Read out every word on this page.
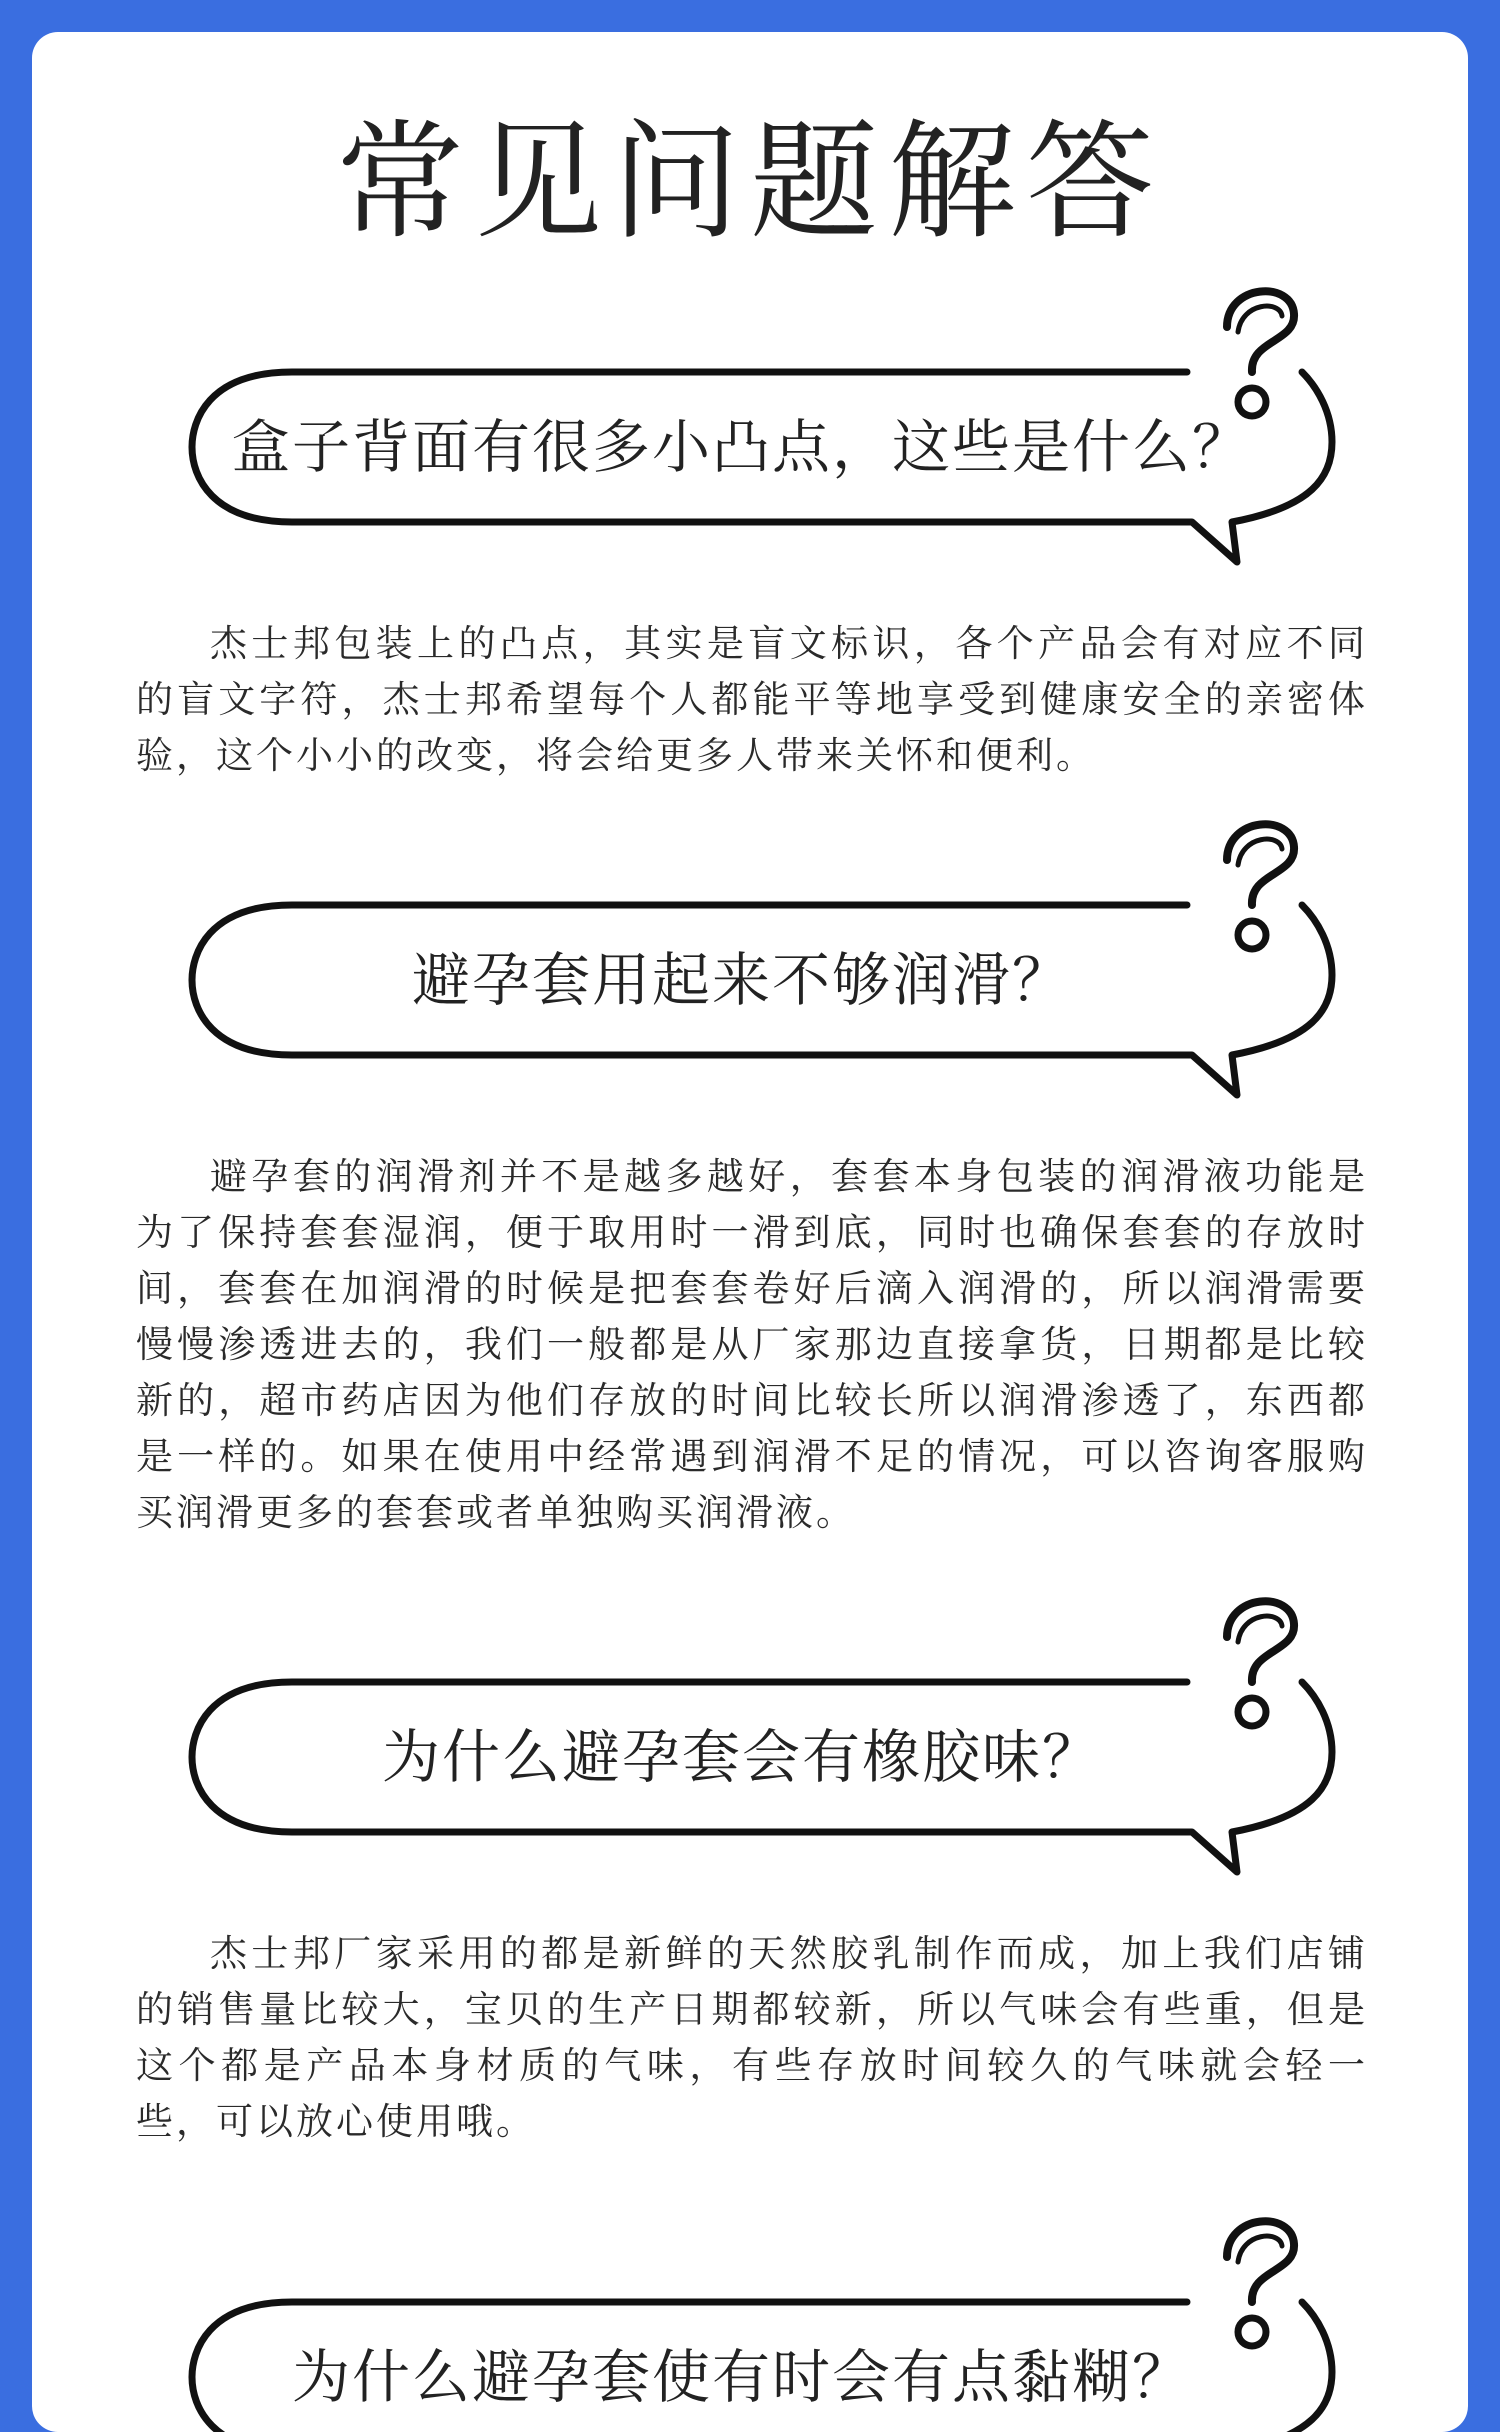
常见问题解答
盒子背面有很多小凸点，这些是什么？

杰士邦包装上的凸点，其实是盲文标识，各个产品会有对应不同的盲文字符，杰士邦希望每个人都能平等地享受到健康安全的亲密体验，这个小小的改变，将会给更多人带来关怀和便利。

避孕套用起来不够润滑？

避孕套的润滑剂并不是越多越好，套套本身包装的润滑液功能是为了保持套套湿润，便于取用时一滑到底，同时也确保套套的存放时间，套套在加润滑的时候是把套套卷好后滴入润滑的，所以润滑需要慢慢渗透进去的，我们一般都是从厂家那边直接拿货，日期都是比较新的，超市药店因为他们存放的时间比较长所以润滑渗透了，东西都是一样的。如果在使用中经常遇到润滑不足的情况，可以咨询客服购买润滑更多的套套或者单独购买润滑液。

为什么避孕套会有橡胶味？

杰士邦厂家采用的都是新鲜的天然胶乳制作而成，加上我们店铺的销售量比较大，宝贝的生产日期都较新，所以气味会有些重，但是这个都是产品本身材质的气味，有些存放时间较久的气味就会轻一些，可以放心使用哦。

为什么避孕套使有时会有点黏糊？
